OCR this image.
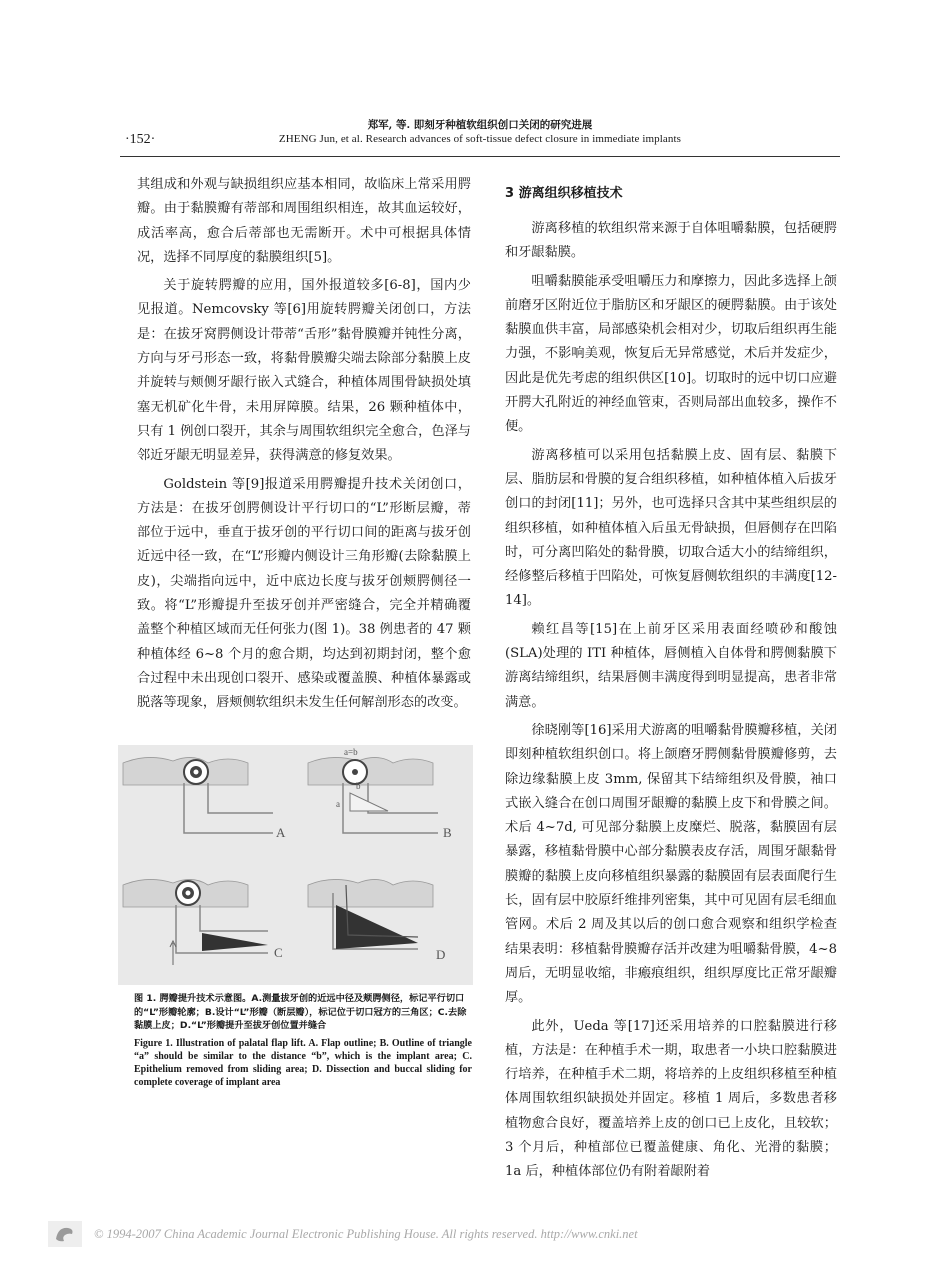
·152·
郑军, 等. 即刻牙种植软组织创口关闭的研究进展
ZHENG Jun, et al. Research advances of soft-tissue defect closure in immediate implants

其组成和外观与缺损组织应基本相同，故临床上常采用腭瓣。由于黏膜瓣有蒂部和周围组织相连，故其血运较好，成活率高，愈合后蒂部也无需断开。术中可根据具体情况，选择不同厚度的黏膜组织[5]。

关于旋转腭瓣的应用，国外报道较多[6-8]，国内少见报道。Nemcovsky 等[6]用旋转腭瓣关闭创口，方法是：在拔牙窝腭侧设计带蒂“舌形”黏骨膜瓣并钝性分离，方向与牙弓形态一致，将黏骨膜瓣尖端去除部分黏膜上皮并旋转与颊侧牙龈行嵌入式缝合，种植体周围骨缺损处填塞无机矿化牛骨，未用屏障膜。结果，26 颗种植体中，只有 1 例创口裂开，其余与周围软组织完全愈合，色泽与邻近牙龈无明显差异，获得满意的修复效果。

Goldstein 等[9]报道采用腭瓣提升技术关闭创口，方法是：在拔牙创腭侧设计平行切口的“L”形断层瓣，蒂部位于远中，垂直于拔牙创的平行切口间的距离与拔牙创近远中径一致，在“L”形瓣内侧设计三角形瓣(去除黏膜上皮)，尖端指向远中，近中底边长度与拔牙创颊腭侧径一致。将“L”形瓣提升至拔牙创并严密缝合，完全并精确覆盖整个种植区域而无任何张力(图 1)。38 例患者的 47 颗种植体经 6~8 个月的愈合期，均达到初期封闭，整个愈合过程中未出现创口裂开、感染或覆盖膜、种植体暴露或脱落等现象，唇颊侧软组织未发生任何解剖形态的改变。

A
a=b
a
b
B
C	D
图 1. 腭瓣提升技术示意图。A.测量拔牙创的近远中径及颊腭侧径，标记平行切口的“L”形瓣轮廓；B.设计“L”形瓣（断层瓣），标记位于切口冠方的三角区；C.去除黏膜上皮；D.“L”形瓣提升至拔牙创位置并缝合
Figure 1. Illustration of palatal flap lift. A. Flap outline; B. Outline of triangle “a” should be similar to the distance “b”, which is the implant area; C. Epithelium removed from sliding area; D. Dissection and buccal sliding for complete coverage of implant area
3 游离组织移植技术

游离移植的软组织常来源于自体咀嚼黏膜，包括硬腭和牙龈黏膜。

咀嚼黏膜能承受咀嚼压力和摩擦力，因此多选择上颌前磨牙区附近位于脂肪区和牙龈区的硬腭黏膜。由于该处黏膜血供丰富，局部感染机会相对少，切取后组织再生能力强，不影响美观，恢复后无异常感觉，术后并发症少，因此是优先考虑的组织供区[10]。切取时的远中切口应避开腭大孔附近的神经血管束，否则局部出血较多，操作不便。

游离移植可以采用包括黏膜上皮、固有层、黏膜下层、脂肪层和骨膜的复合组织移植，如种植体植入后拔牙创口的封闭[11]；另外，也可选择只含其中某些组织层的组织移植，如种植体植入后虽无骨缺损，但唇侧存在凹陷时，可分离凹陷处的黏骨膜，切取合适大小的结缔组织，经修整后移植于凹陷处，可恢复唇侧软组织的丰满度[12-14]。

赖红昌等[15]在上前牙区采用表面经喷砂和酸蚀(SLA)处理的 ITI 种植体，唇侧植入自体骨和腭侧黏膜下游离结缔组织，结果唇侧丰满度得到明显提高，患者非常满意。

徐晓刚等[16]采用犬游离的咀嚼黏骨膜瓣移植，关闭即刻种植软组织创口。将上颌磨牙腭侧黏骨膜瓣修剪，去除边缘黏膜上皮 3mm, 保留其下结缔组织及骨膜，袖口式嵌入缝合在创口周围牙龈瓣的黏膜上皮下和骨膜之间。术后 4~7d, 可见部分黏膜上皮糜烂、脱落，黏膜固有层暴露，移植黏骨膜中心部分黏膜表皮存活，周围牙龈黏骨膜瓣的黏膜上皮向移植组织暴露的黏膜固有层表面爬行生长，固有层中胶原纤维排列密集，其中可见固有层毛细血管网。术后 2 周及其以后的创口愈合观察和组织学检查结果表明：移植黏骨膜瓣存活并改建为咀嚼黏骨膜，4~8 周后，无明显收缩，非瘢痕组织，组织厚度比正常牙龈瓣厚。

此外，Ueda 等[17]还采用培养的口腔黏膜进行移植，方法是：在种植手术一期，取患者一小块口腔黏膜进行培养，在种植手术二期，将培养的上皮组织移植至种植体周围软组织缺损处并固定。移植 1 周后，多数患者移植物愈合良好，覆盖培养上皮的创口已上皮化，且较软；3 个月后，种植部位已覆盖健康、角化、光滑的黏膜；1a 后，种植体部位仍有附着龈附着

© 1994-2007 China Academic Journal Electronic Publishing House. All rights reserved. http://www.cnki.net
